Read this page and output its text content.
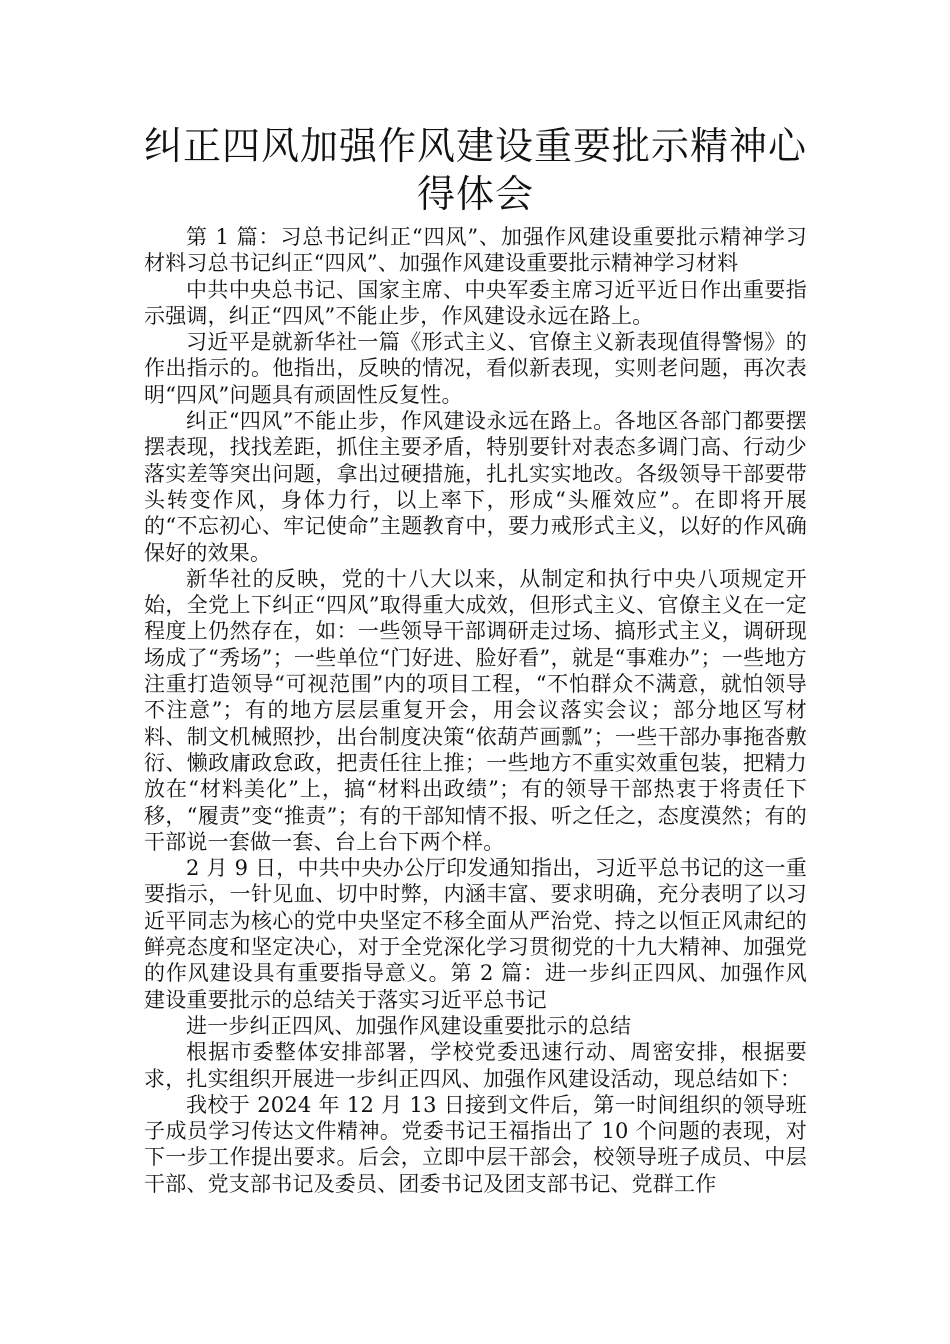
纠正四风加强作风建设重要批示精神心得体会

第 1 篇：习总书记纠正“四风”、加强作风建设重要批示精神学习材料习总书记纠正“四风”、加强作风建设重要批示精神学习材料

中共中央总书记、国家主席、中央军委主席习近平近日作出重要指示强调，纠正“四风”不能止步，作风建设永远在路上。

习近平是就新华社一篇《形式主义、官僚主义新表现值得警惕》的作出指示的。他指出，反映的情况，看似新表现，实则老问题，再次表明“四风”问题具有顽固性反复性。

纠正“四风”不能止步，作风建设永远在路上。各地区各部门都要摆摆表现，找找差距，抓住主要矛盾，特别要针对表态多调门高、行动少落实差等突出问题，拿出过硬措施，扎扎实实地改。各级领导干部要带头转变作风，身体力行，以上率下，形成“头雁效应”。在即将开展的“不忘初心、牢记使命”主题教育中，要力戒形式主义，以好的作风确保好的效果。

新华社的反映，党的十八大以来，从制定和执行中央八项规定开始，全党上下纠正“四风”取得重大成效，但形式主义、官僚主义在一定程度上仍然存在，如：一些领导干部调研走过场、搞形式主义，调研现场成了“秀场”；一些单位“门好进、脸好看”，就是“事难办”；一些地方注重打造领导“可视范围”内的项目工程，“不怕群众不满意，就怕领导不注意”；有的地方层层重复开会，用会议落实会议；部分地区写材料、制文机械照抄，出台制度决策“依葫芦画瓢”；一些干部办事拖沓敷衍、懒政庸政怠政，把责任往上推；一些地方不重实效重包装，把精力放在“材料美化”上，搞“材料出政绩”；有的领导干部热衷于将责任下移，“履责”变“推责”；有的干部知情不报、听之任之，态度漠然；有的干部说一套做一套、台上台下两个样。

2 月 9 日，中共中央办公厅印发通知指出，习近平总书记的这一重要指示，一针见血、切中时弊，内涵丰富、要求明确，充分表明了以习近平同志为核心的党中央坚定不移全面从严治党、持之以恒正风肃纪的鲜亮态度和坚定决心，对于全党深化学习贯彻党的十九大精神、加强党的作风建设具有重要指导意义。第 2 篇：进一步纠正四风、加强作风建设重要批示的总结关于落实习近平总书记

进一步纠正四风、加强作风建设重要批示的总结

根据市委整体安排部署，学校党委迅速行动、周密安排，根据要求，扎实组织开展进一步纠正四风、加强作风建设活动，现总结如下：

我校于 2024 年 12 月 13 日接到文件后，第一时间组织的领导班子成员学习传达文件精神。党委书记王福指出了 10 个问题的表现，对下一步工作提出要求。后会，立即中层干部会，校领导班子成员、中层干部、党支部书记及委员、团委书记及团支部书记、党群工作
